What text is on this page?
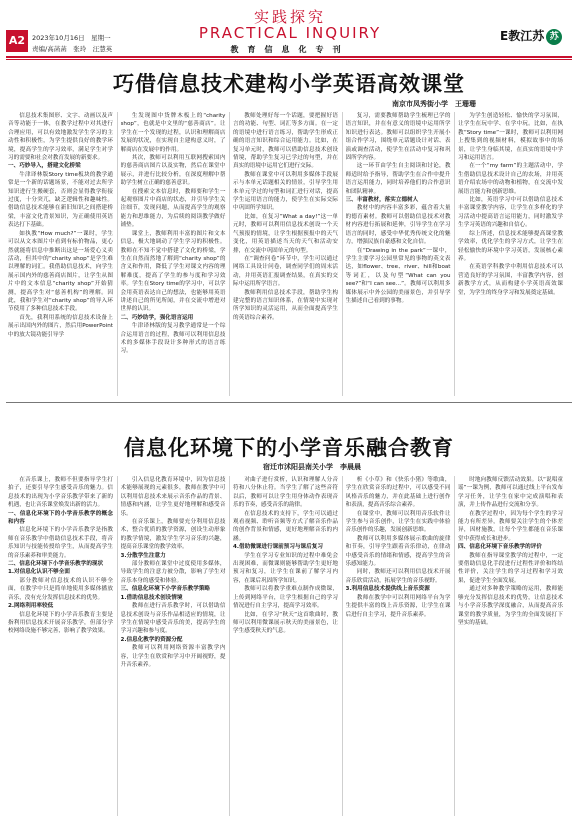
A2	2023年10月16日　星期一
责编/高菡菡　张玲　汪慧英
实践探究
PRACTICAL INQUIRY
教育信息化专刊
E教江苏 苏
巧借信息技术建构小学英语高效课堂
南京市凤秀街小学　王珊珊

信息技术集图形、文字、动画以及声音等功能于一体，在教学过程中对其进行合理应用，可以有效地激发学生学习的主动性和积极性，为学生提供良好的教学环境，提高学生的学习效率，满足学生对学习的需要和社会对教育发展的新要求。

一、巧妙导入，搭建文化桥梁

牛津译林版Story time板块的教学通常是一个新的话题场景，不能对过去所学知识进行生搬硬套，否则会显得教学衔接过度，十分突兀，缺乏逻辑性和趣味性。借助信息技术能够在新旧知识之间搭建桥梁，丰富文化背景知识，为正确使用英语表达打下基础。

如执教“How much?”一课时，学生可以从文本图片中看到有标价物品，更心然就能将信息中推断出这是一场爱心义卖活动，但其中的“charity shop”是学生难以理解的词汇。我借助信息技术，向学生展示国内外的慈善商店图片，让学生从图片中的文本信息“charity shop”开始猜测，提高学生对“慈善机构”的理解。因此，我和学生对“charity shop”的导入环节使用了多种信息技术手段。

首先，我利用系统的信息技术设备上展示出国内外的图片，然后用PowerPoint中的放大镜功能引导学

生发现图中货牌木板上的“charity shop”，也就是中文里的“慈善商店”。让学生在一个发现的过程，认识和理解商店发展的状况，在实现自主建构意义时，了解商店在发展中的作用。

其次，教师可以利用互联网搜索国内的慈善商店图片以及实物，然后在课堂中展示，并进行比较分析，在深度理解中帮助学生树立正确的慈善意识。

在搜索文本信息时，教师要和学生一起观察图片中商店的状态，并引导学生关注细节，发现问题，从而提高学生的观察能力和思维能力，为后续的阅读教学做好铺垫。

课堂上，教师利用丰富的图片和文本信息，极大地调动了学生学习的积极性。教师在不知不觉中搭建了文化的桥梁，学生在自然而然地了解到“charity shop”的含义和作用，降低了学生对课文内容的理解难度，提高了学生的参与度和学习效率。学生在Story time的学习中，可以学会用英语表达自己的想法，也能够用英语讲述自己的所见所闻，并在交流中增进对世界的认识。

二、巧妙助学，强化语言运用

牛津译林版的复习教学通常是一个综合运用语言的过程，教师可以利用信息技术的多媒体手段设计多种形式的语言练习。

教师处理好每一个话题，要把握好语言的功能、句型、词汇等多方面。在一定的语境中进行语言练习，帮助学生形成正确的语言知识和综合运用能力。比如，在复习单元时，教师可以借助信息技术创设情境，帮助学生复习已学过的句型，并在真实的语境中运用它们进行交际。

教师在课堂中可以利用多媒体手段展示与本单元话题相关的情景，引导学生用本单元学过的句型和词汇进行对话，提高学生运用语言的能力，使学生在实际交际中巩固所学知识。

比如，在复习“What a day!”这一单元时，教师可以利用信息技术创设一个天气预报的情境，让学生根据预报中的天气变化，用英语描述当天的天气和活动安排，在交流中巩固单元的句型。

在“调查问卷”环节中，学生可以通过网络工具设计问卷，调查同学们的周末活动，并用英语汇报调查结果，在真实的交际中运用所学语言。

教师利用信息技术手段，帮助学生构建完整的语言知识体系，在情境中实现对所学知识的灵活运用，从而全面提高学生的英语综合素养。

复习，需要教师帮助学生梳理已学的语言知识，并在有意义的语境中运用所学知识进行表达。教师可以组织学生开展小组合作学习，围绕单元话题设计对话、表演或调查活动，使学生在活动中复习和巩固所学内容。

这一环节由学生自主阅读和讨论，教师适时给予指导，帮助学生在合作中提升语言运用能力，同时培养他们的合作意识和团队精神。

三、丰富教材，落实立德树人

教材中的内容丰富多彩，蕴含着大量的德育素材。教师可以借助信息技术对教材内容进行拓展和延伸，引导学生在学习语言的同时，感受中华优秀传统文化的魅力，增强民族自豪感和文化自信。

在“Drawing in the park”一课中，学生主要学习公园里常见的事物的英文表达，如flower、tree、river、hill和boat等词汇，以及句型“What can you see?”和“I can see…”。教师可以利用多媒体展示中外公园的美丽景色，并引导学生描述自己看到的事物。

为学生创造轻松、愉快的学习氛围，让学生在玩中学、在学中玩。比如，在执教“Story time”一课时，教师可以利用网上搜集到的视频材料，模拟故事中的场景，让学生身临其境，在真实的语境中学习和运用语言。

在一个“my farm”的主题活动中，学生借助信息技术设计自己的农场，并用英语介绍农场中的动物和植物，在交流中发展语言能力和创新思维。

比如，英语学习中可以借助信息技术丰富课堂教学内容，让学生在多样化的学习活动中提高语言运用能力，同时激发学生学习英语的兴趣和自信心。

综上所述，信息技术能够提高课堂教学效率，优化学生的学习方式，让学生在轻松愉快的环境中学习英语，发展核心素养。

在英语学科教学中利用信息技术可以营造良好的学习氛围，丰富教学内容，创新教学方式，从而构建小学英语高效课堂，为学生的终身学习和发展奠定基础。

信息化环境下的小学音乐融合教育
宿迁市沭阳县南关小学　李晨晨

在音乐课上，教师不但要指导学生打拍子，还要引导学生感受音乐的魅力。信息技术的出现为小学音乐教学带来了新的机遇，也让音乐课堂焕发出新的活力。

一、信息化环境下的小学音乐教学的概念和内容

信息化环境下的小学音乐教学是指教师在音乐教学中借助信息技术手段，将音乐知识与技能传授给学生，从而提高学生的音乐素养和审美能力。

二、信息化环境下小学音乐教学的现状

1.对信息化认识不够全面

部分教师对信息技术的认识不够全面，在教学中只是简单地使用多媒体播放音乐，没有充分发挥信息技术的优势。

2.网络利用率较低

信息化环境下的小学音乐教育主要是指利用信息技术开展音乐教学，但部分学校网络设施不够完善，影响了教学效果。

引入信息化教育环境中，因为信息技术能够展现的元素很多，教师在教学中可以利用信息技术来展示音乐作品的背景、情感和内涵，让学生更好地理解和感受音乐。

在音乐课上，教师要充分利用信息技术，整合优质的教学资源，创设生动形象的教学情境，激发学生学习音乐的兴趣，提高音乐课堂的教学效率。

3.分散学生注意力

部分教师在课堂中过度使用多媒体，导致学生的注意力被分散，影响了学生对音乐本身的感受和体验。

三、信息化环境下小学音乐教学策略

1.借助信息技术创设情境

教师在进行音乐教学时，可以借助信息技术创设与音乐作品相适应的情境，让学生在情境中感受音乐的美，提高学生的学习兴趣和参与度。

2.信息化教学的资源分配

教师可以利用网络资源丰富教学内容，让学生在欣赏和学习中开阔视野，提升音乐素养。

对曲子进行赏析，认识和理解人分音符和八分休止符。当学生了解了这些音符以后，教师可以让学生用身体动作表现音乐的节奏，感受音乐的韵律。

在信息技术的支持下，学生可以通过观看视频、聆听音频等方式了解音乐作品的创作背景和情感，更好地理解音乐的内涵。

4.借助微课进行课前预习与课后复习

学生在学习专业知识的过程中难免会出现困难，而微课则能够帮助学生更好地预习和复习，让学生在课前了解学习内容，在课后巩固所学知识。

教师可以将教学重难点制作成微课，上传到网络平台，让学生根据自己的学习情况进行自主学习，提高学习效率。

比如，在学习“秋天”这首歌曲时，教师可以利用微课展示秋天的美丽景色，让学生感受秋天的气息。

析《小草》和《快乐小猪》等歌曲，学生在欣赏音乐的过程中，可以感受不同风格音乐的魅力，并在此基础上进行创作和表演，提高音乐综合素养。

在课堂中，教师可以利用音乐软件让学生参与音乐创作，让学生在实践中体验音乐创作的乐趣，发展创新思维。

教师可以利用多媒体展示歌曲的旋律和节奏，引导学生跟着音乐律动，在律动中感受音乐的情绪和情感，提高学生的音乐感知能力。

同时，教师还可以利用信息技术开展音乐欣赏活动，拓展学生的音乐视野。

3.利用信息技术提供线上音乐资源

教师在教学中可以利用网络平台为学生提供丰富的线上音乐资源，让学生在课后进行自主学习，提升音乐素养。

时地向教师反馈活动效果。以“说唱童谣”一课为例，教师可以通过线上平台发布学习任务，让学生在家中完成演唱和表演，并上传作品进行交流和分享。

在教学过程中，因为每个学生的学习能力有所差异，教师要关注学生的个体差异，因材施教，让每个学生都能在音乐课堂中获得成长和进步。

四、信息化环境下音乐教学的评价

教师在指导课堂教学的过程中，一定要借助信息化手段进行过程性评价和终结性评价，关注学生的学习过程和学习效果，促进学生全面发展。

通过对多种教学策略的运用，教师能够充分发挥信息技术的优势，让信息技术与小学音乐教学深度融合，从而提高音乐课堂的教学质量，为学生的全面发展打下坚实的基础。
